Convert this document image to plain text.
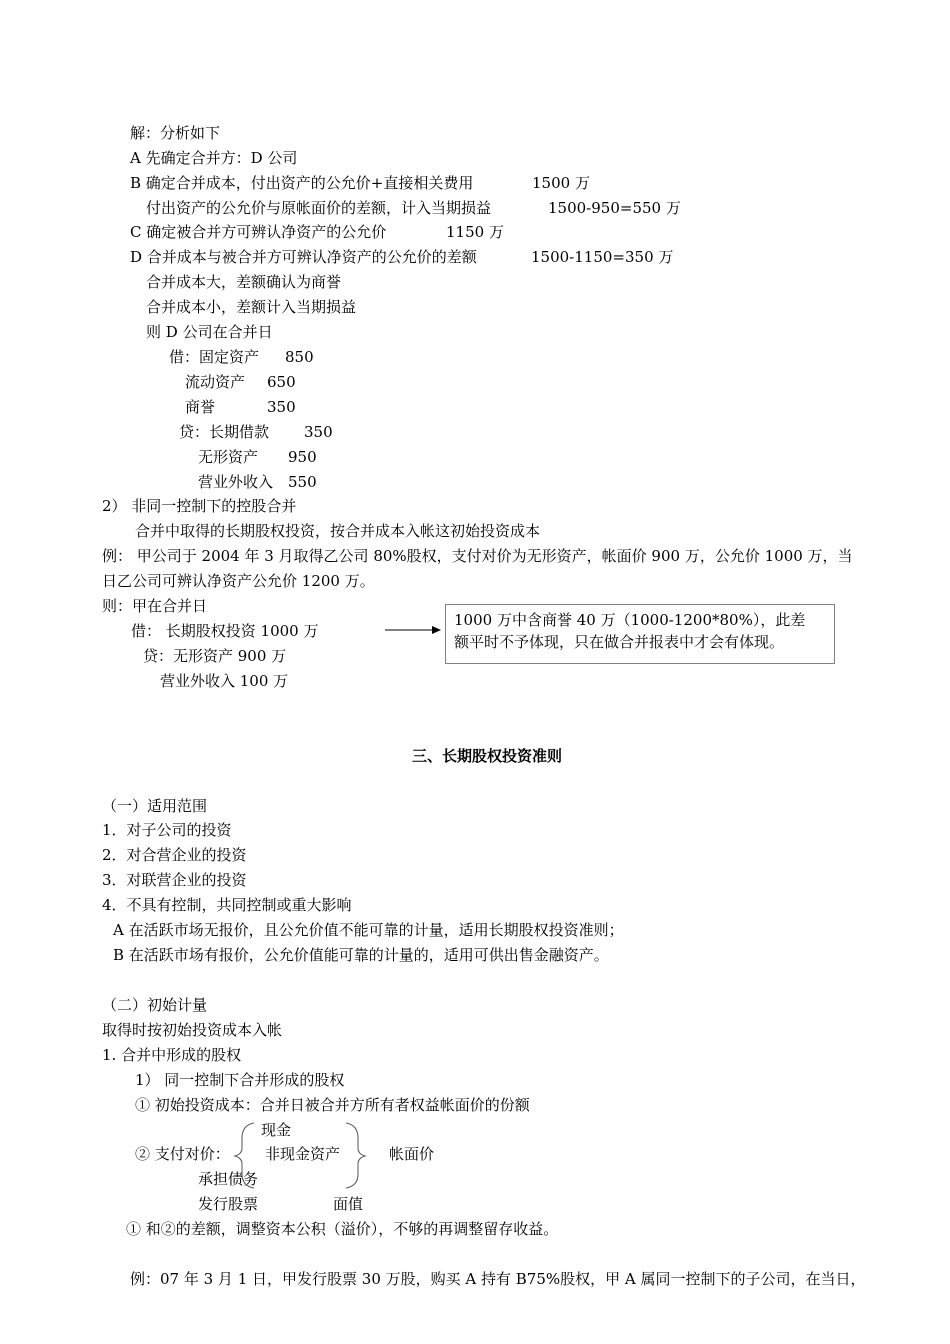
解：分析如下
A 先确定合并方：D 公司
B 确定合并成本，付出资产的公允价+直接相关费用	1500 万
付出资产的公允价与原帐面价的差额，计入当期损益	1500-950=550 万
C 确定被合并方可辨认净资产的公允价	1150 万
D 合并成本与被合并方可辨认净资产的公允价的差额	1500-1150=350 万
合并成本大，差额确认为商誉
合并成本小，差额计入当期损益
则 D 公司在合并日
借：固定资产 850
流动资产 650
商誉	350
贷：长期借款 350
无形资产 950
营业外收入 550
2） 非同一控制下的控股合并
合并中取得的长期股权投资，按合并成本入帐这初始投资成本
例： 甲公司于 2004 年 3 月取得乙公司 80%股权，支付对价为无形资产，帐面价 900 万，公允价 1000 万，当
日乙公司可辨认净资产公允价 1200 万。
则：甲在合并日
借： 长期股权投资 1000 万
贷：无形资产 900 万
营业外收入 100 万
三、长期股权投资准则
（一）适用范围
1．对子公司的投资
2．对合营企业的投资
3．对联营企业的投资
4．不具有控制，共同控制或重大影响
A 在活跃市场无报价，且公允价值不能可靠的计量，适用长期股权投资准则；
B 在活跃市场有报价，公允价值能可靠的计量的，适用可供出售金融资产。
（二）初始计量
取得时按初始投资成本入帐
1. 合并中形成的股权
1） 同一控制下合并形成的股权
① 初始投资成本：合并日被合并方所有者权益帐面价的份额
现金
② 支付对价： 非现金资产	帐面价
承担债务
发行股票	面值
① 和②的差额，调整资本公积（溢价），不够的再调整留存收益。
例：07 年 3 月 1 日，甲发行股票 30 万股，购买 A 持有 B75%股权，甲 A 属同一控制下的子公司，在当日，
1000 万中含商誉 40 万（1000-1200*80%），此差
额平时不予体现，只在做合并报表中才会有体现。
